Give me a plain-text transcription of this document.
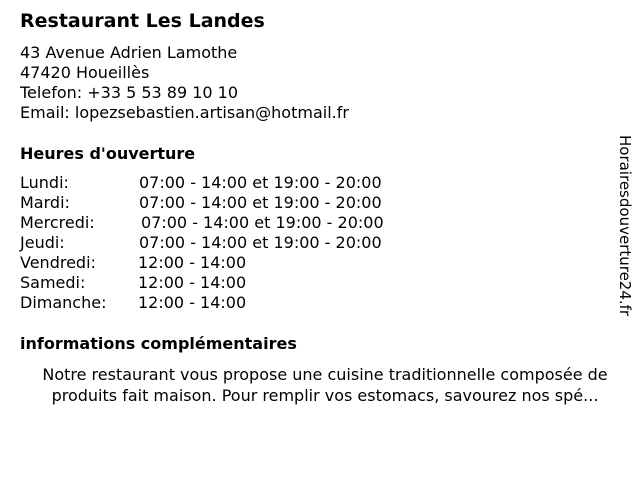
Restaurant Les Landes
43 Avenue Adrien Lamothe
47420 Houeillès
Telefon: +33 5 53 89 10 10
Email: lopezsebastien.artisan@hotmail.fr
Heures d'ouverture
Lundi:	07:00 - 14:00 et 19:00 - 20:00
Mardi:	07:00 - 14:00 et 19:00 - 20:00
Mercredi:	07:00 - 14:00 et 19:00 - 20:00
Jeudi:	07:00 - 14:00 et 19:00 - 20:00
Vendredi:	12:00 - 14:00
Samedi:	12:00 - 14:00
Dimanche: 12:00 - 14:00
informations complémentaires
Notre restaurant vous propose une cuisine traditionnelle composée de
produits fait maison. Pour remplir vos estomacs, savourez nos spé...
Horairesdouverture24.fr
